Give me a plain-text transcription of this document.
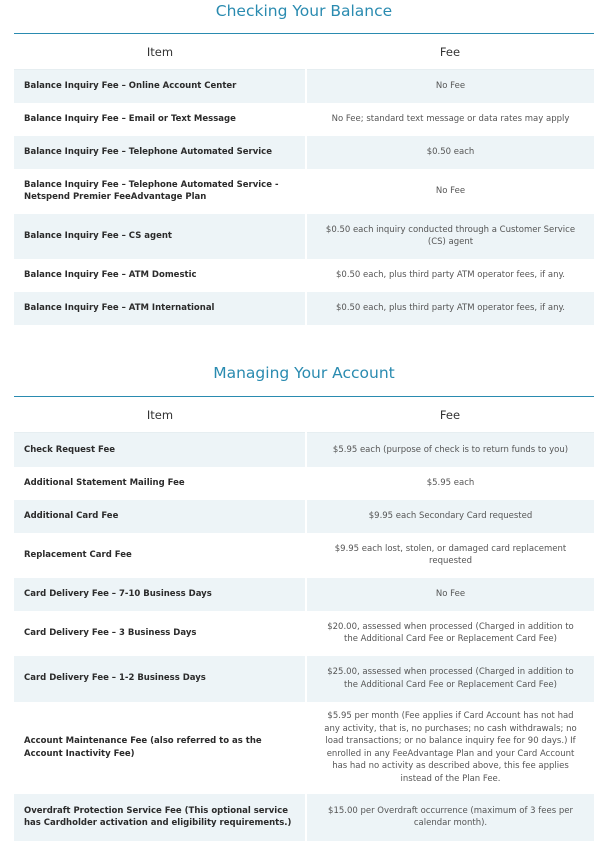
Checking Your Balance
Item	Fee
Balance Inquiry Fee – Online Account Center	No Fee
Balance Inquiry Fee – Email or Text Message	No Fee; standard text message or data rates may apply
Balance Inquiry Fee – Telephone Automated Service	$0.50 each
Balance Inquiry Fee – Telephone Automated Service - Netspend Premier FeeAdvantage Plan	No Fee
Balance Inquiry Fee – CS agent	$0.50 each inquiry conducted through a Customer Service (CS) agent
Balance Inquiry Fee – ATM Domestic	$0.50 each, plus third party ATM operator fees, if any.
Balance Inquiry Fee – ATM International	$0.50 each, plus third party ATM operator fees, if any.
Managing Your Account
Item	Fee
Check Request Fee	$5.95 each (purpose of check is to return funds to you)
Additional Statement Mailing Fee	$5.95 each
Additional Card Fee	$9.95 each Secondary Card requested
Replacement Card Fee	$9.95 each lost, stolen, or damaged card replacement requested
Card Delivery Fee – 7-10 Business Days	No Fee
Card Delivery Fee – 3 Business Days	$20.00, assessed when processed (Charged in addition to the Additional Card Fee or Replacement Card Fee)
Card Delivery Fee – 1-2 Business Days	$25.00, assessed when processed (Charged in addition to the Additional Card Fee or Replacement Card Fee)
Account Maintenance Fee (also referred to as the Account Inactivity Fee)	$5.95 per month (Fee applies if Card Account has not had any activity, that is, no purchases; no cash withdrawals; no load transactions; or no balance inquiry fee for 90 days.) If enrolled in any FeeAdvantage Plan and your Card Account has had no activity as described above, this fee applies instead of the Plan Fee.
Overdraft Protection Service Fee (This optional service has Cardholder activation and eligibility requirements.)	$15.00 per Overdraft occurrence (maximum of 3 fees per calendar month).
